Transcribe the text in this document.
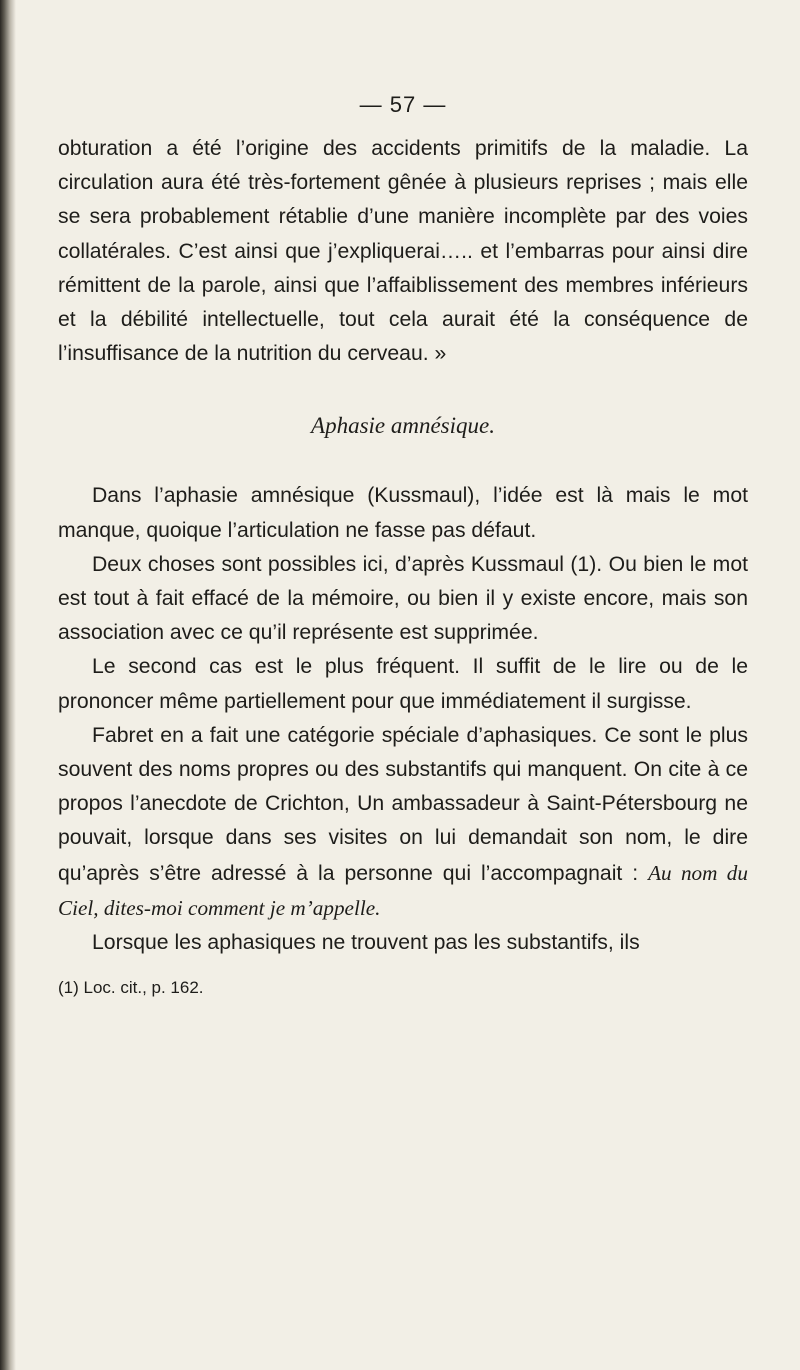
— 57 —

obturation a été l’origine des accidents primitifs de la maladie. La circulation aura été très-fortement gênée à plusieurs reprises ; mais elle se sera probablement rétablie d’une manière incomplète par des voies collatérales. C’est ainsi que j’expliquerai….. et l’embarras pour ainsi dire rémittent de la parole, ainsi que l’affaiblissement des membres inférieurs et la débilité intellectuelle, tout cela aurait été la conséquence de l’insuffisance de la nutrition du cerveau. »

Aphasie amnésique.

Dans l’aphasie amnésique (Kussmaul), l’idée est là mais le mot manque, quoique l’articulation ne fasse pas défaut.

Deux choses sont possibles ici, d’après Kussmaul (1). Ou bien le mot est tout à fait effacé de la mémoire, ou bien il y existe encore, mais son association avec ce qu’il représente est supprimée.

Le second cas est le plus fréquent. Il suffit de le lire ou de le prononcer même partiellement pour que immédiatement il surgisse.

Fabret en a fait une catégorie spéciale d’aphasiques. Ce sont le plus souvent des noms propres ou des substantifs qui manquent. On cite à ce propos l’anecdote de Crichton, Un ambassadeur à Saint-Pétersbourg ne pouvait, lorsque dans ses visites on lui demandait son nom, le dire qu’après s’être adressé à la personne qui l’accompagnait : Au nom du Ciel, dites-moi comment je m’appelle.

Lorsque les aphasiques ne trouvent pas les substantifs, ils

(1) Loc. cit., p. 162.
